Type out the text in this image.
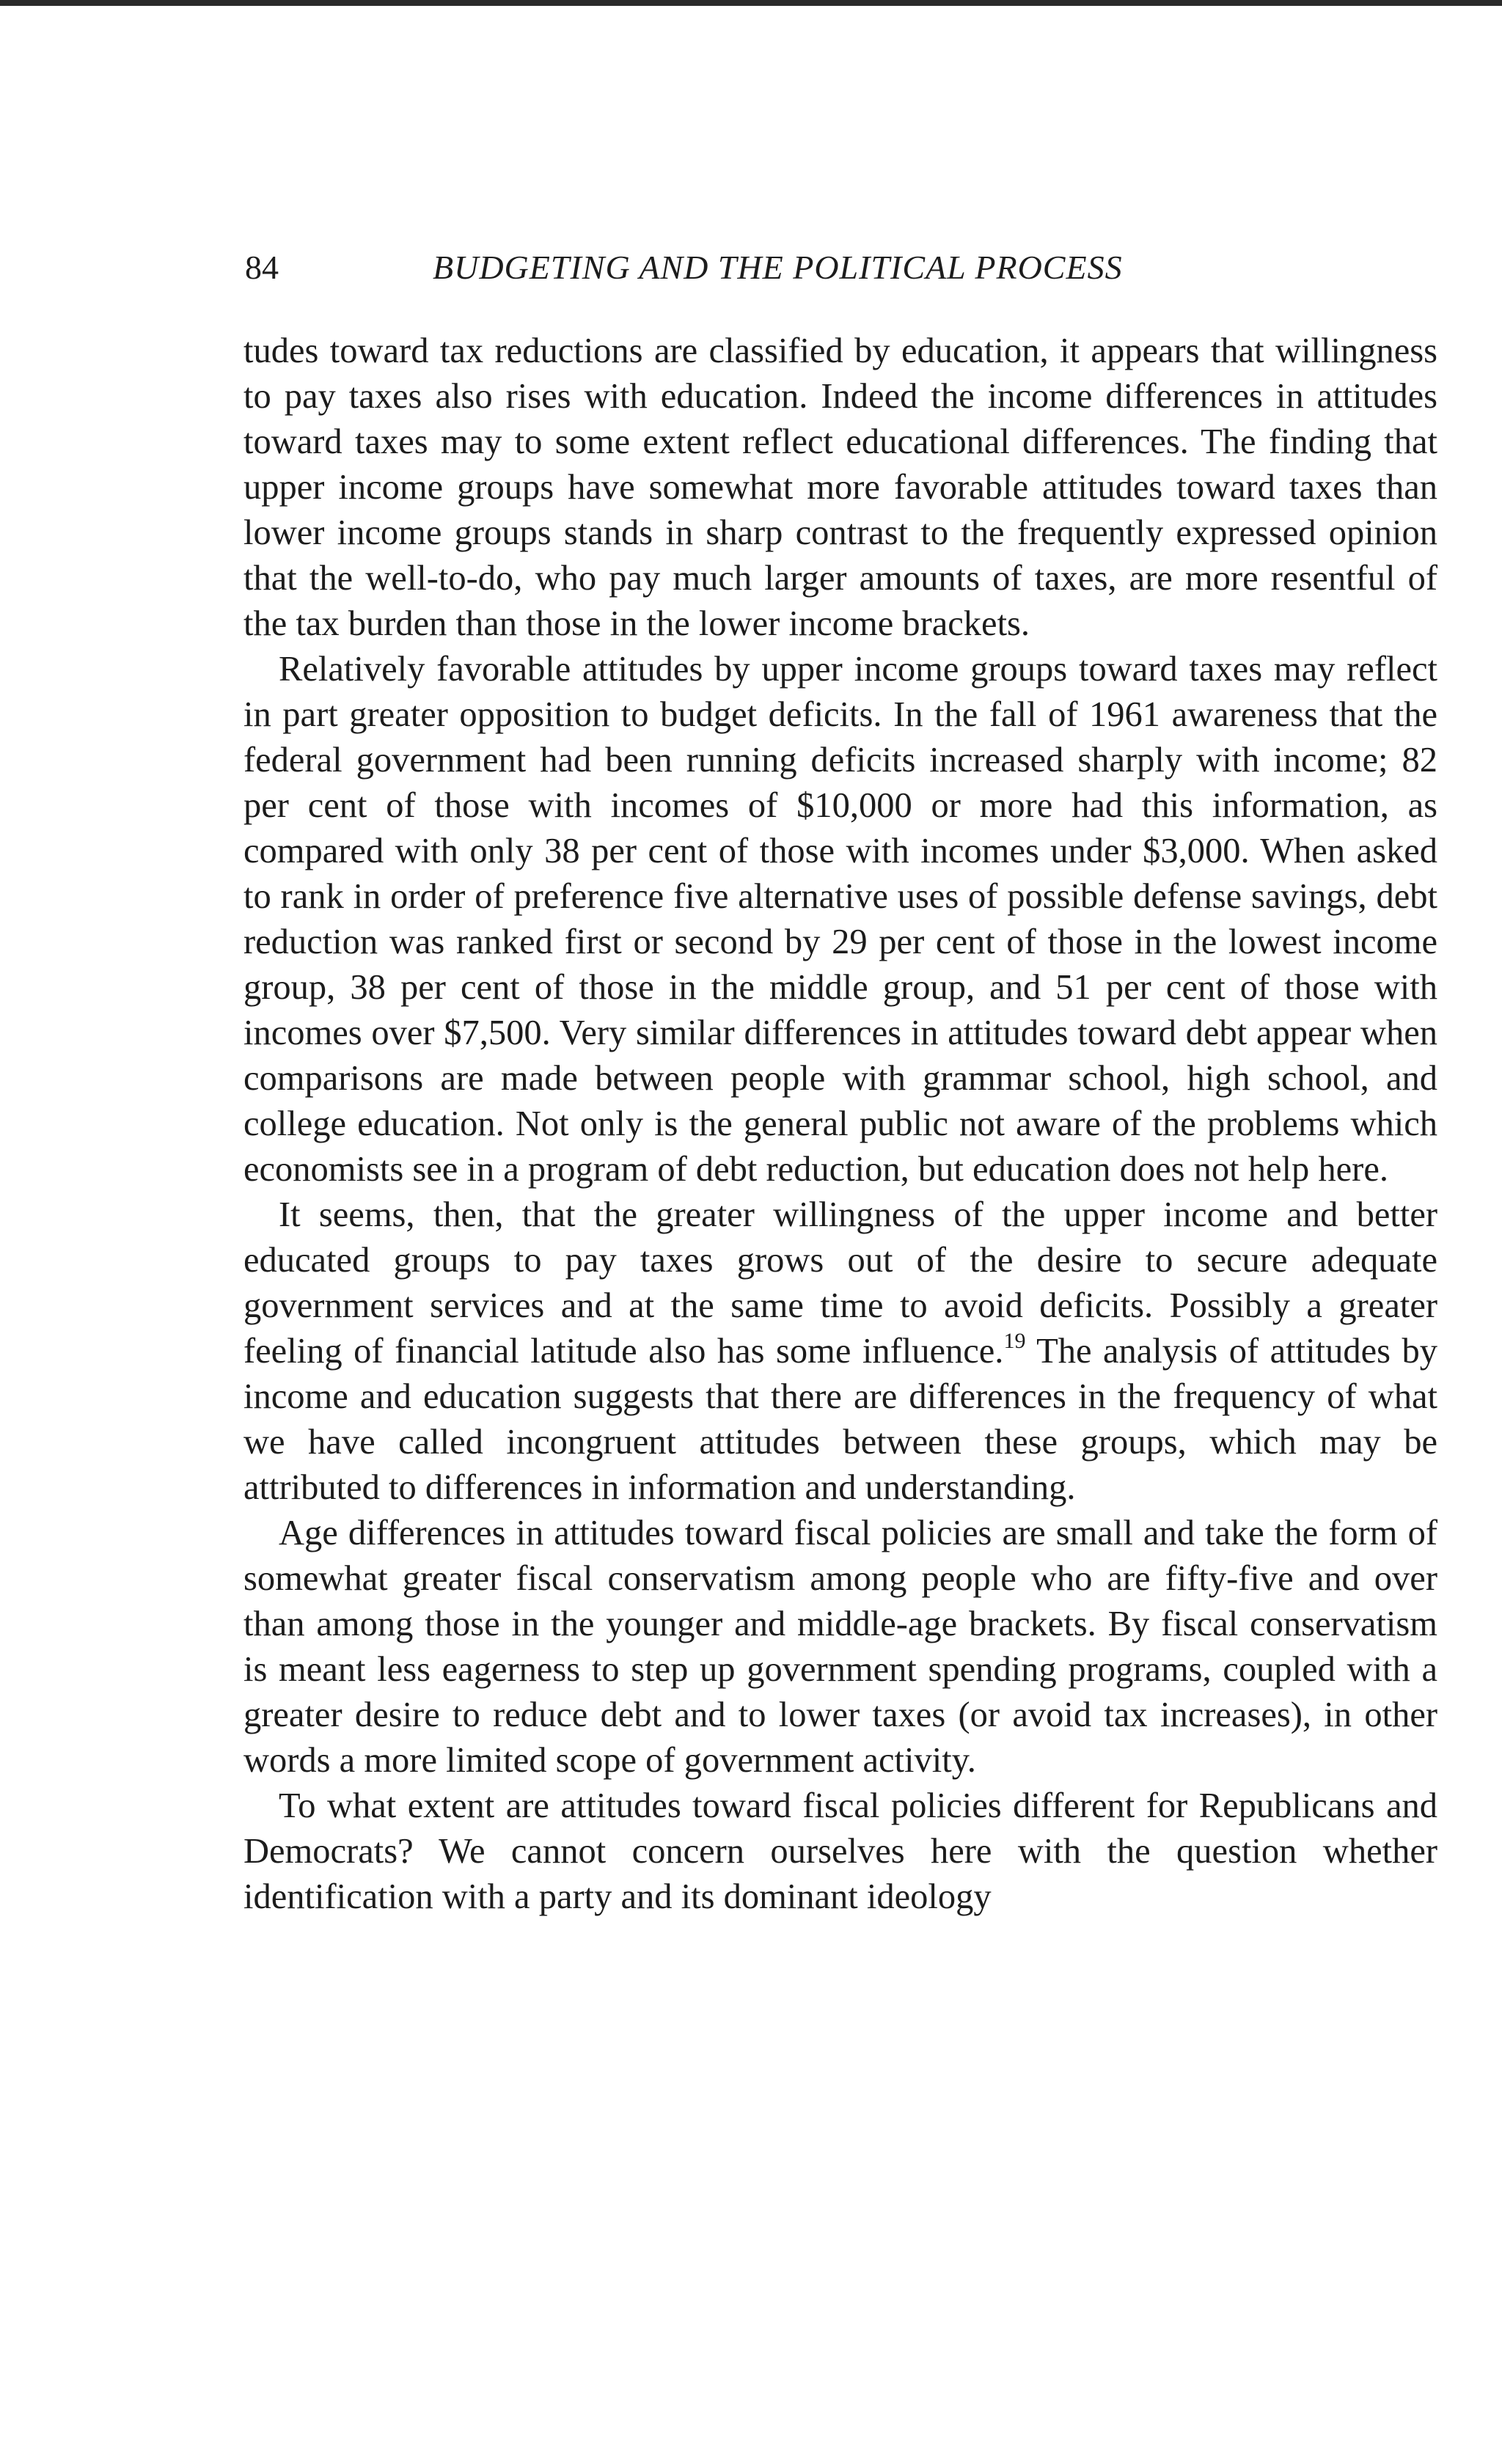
84	BUDGETING AND THE POLITICAL PROCESS

tudes toward tax reductions are classified by education, it appears that willingness to pay taxes also rises with education. Indeed the income differences in attitudes toward taxes may to some extent reflect educational differences. The finding that upper income groups have somewhat more favorable attitudes toward taxes than lower income groups stands in sharp contrast to the frequently expressed opinion that the well-to-do, who pay much larger amounts of taxes, are more resentful of the tax burden than those in the lower income brackets.

Relatively favorable attitudes by upper income groups toward taxes may reflect in part greater opposition to budget deficits. In the fall of 1961 awareness that the federal government had been running deficits increased sharply with income; 82 per cent of those with incomes of $10,000 or more had this information, as compared with only 38 per cent of those with incomes under $3,000. When asked to rank in order of preference five alternative uses of possible defense savings, debt reduction was ranked first or second by 29 per cent of those in the lowest income group, 38 per cent of those in the middle group, and 51 per cent of those with incomes over $7,500. Very similar differences in attitudes toward debt appear when comparisons are made between people with grammar school, high school, and college education. Not only is the general public not aware of the problems which economists see in a program of debt reduction, but education does not help here.

It seems, then, that the greater willingness of the upper income and better educated groups to pay taxes grows out of the desire to secure adequate government services and at the same time to avoid deficits. Possibly a greater feeling of financial latitude also has some influence.$^{19}$ The analysis of attitudes by income and education suggests that there are differences in the frequency of what we have called incongruent attitudes between these groups, which may be attributed to differences in information and understanding.

Age differences in attitudes toward fiscal policies are small and take the form of somewhat greater fiscal conservatism among people who are fifty-five and over than among those in the younger and middle-age brackets. By fiscal conservatism is meant less eagerness to step up government spending programs, coupled with a greater desire to reduce debt and to lower taxes (or avoid tax increases), in other words a more limited scope of government activity.

To what extent are attitudes toward fiscal policies different for Republicans and Democrats? We cannot concern ourselves here with the question whether identification with a party and its dominant ideology
